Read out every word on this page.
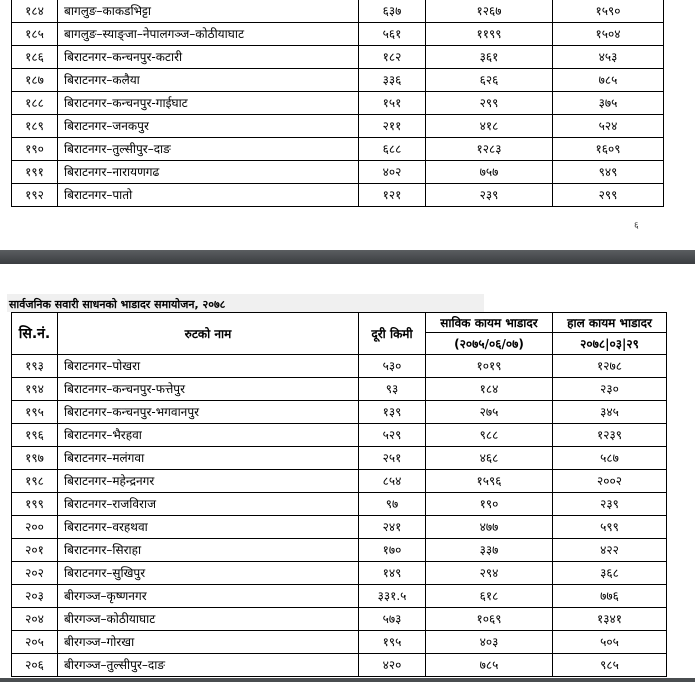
१८४	बागलुङ–काकडभिट्टा	६३७	१२६७	१५९०
१८५	बागलुङ–स्याङ्जा–नेपालगञ्ज–कोठीयाघाट	५६१	११९९	१५०४
१८६	बिराटनगर–कन्चनपुर-कटारी	१८२	३६१	४५३
१८७	बिराटनगर–कलैया	३३६	६२६	७८५
१८८	बिराटनगर–कन्चनपुर-गाईघाट	१५१	२९९	३७५
१८९	बिराटनगर–जनकपुर	२११	४१८	५२४
१९०	बिराटनगर–तुल्सीपुर–दाङ	६८८	१२८३	१६०९
१९१	बिराटनगर–नारायणगढ	४०२	७५७	९४९
१९२	बिराटनगर–पातो	१२१	२३९	२९९
६
सार्वजनिक सवारी साधनको भाडादर समायोजन, २०७८
सि.नं.	रुटको नाम	दूरी किमी	साविक कायम भाडादर	हाल कायम भाडादर
			(२०७५/०६/०७)	२०७८|०३|२९
१९३	बिराटनगर–पोखरा	५३०	१०१९	१२७८
१९४	बिराटनगर–कन्चनपुर-फत्तेपुर	९३	१८४	२३०
१९५	बिराटनगर–कन्चनपुर-भगवानपुर	१३९	२७५	३४५
१९६	बिराटनगर–भैरहवा	५२९	९८८	१२३९
१९७	बिराटनगर–मलंगवा	२५१	४६८	५८७
१९८	बिराटनगर–महेन्द्रनगर	८५४	१५९६	२००२
१९९	बिराटनगर–राजविराज	९७	१९०	२३९
२००	बिराटनगर–वरहथवा	२४१	४७७	५९९
२०१	बिराटनगर–सिराहा	१७०	३३७	४२२
२०२	बिराटनगर–सुखिपुर	१४९	२९४	३६८
२०३	बीरगञ्ज–कृष्णनगर	३३१.५	६१८	७७६
२०४	बीरगञ्ज–कोठीयाघाट	५७३	१०६९	१३४१
२०५	बीरगञ्ज–गोरखा	१९५	४०३	५०५
२०६	बीरगञ्ज–तुल्सीपुर–दाङ	४२०	७८५	९८५
